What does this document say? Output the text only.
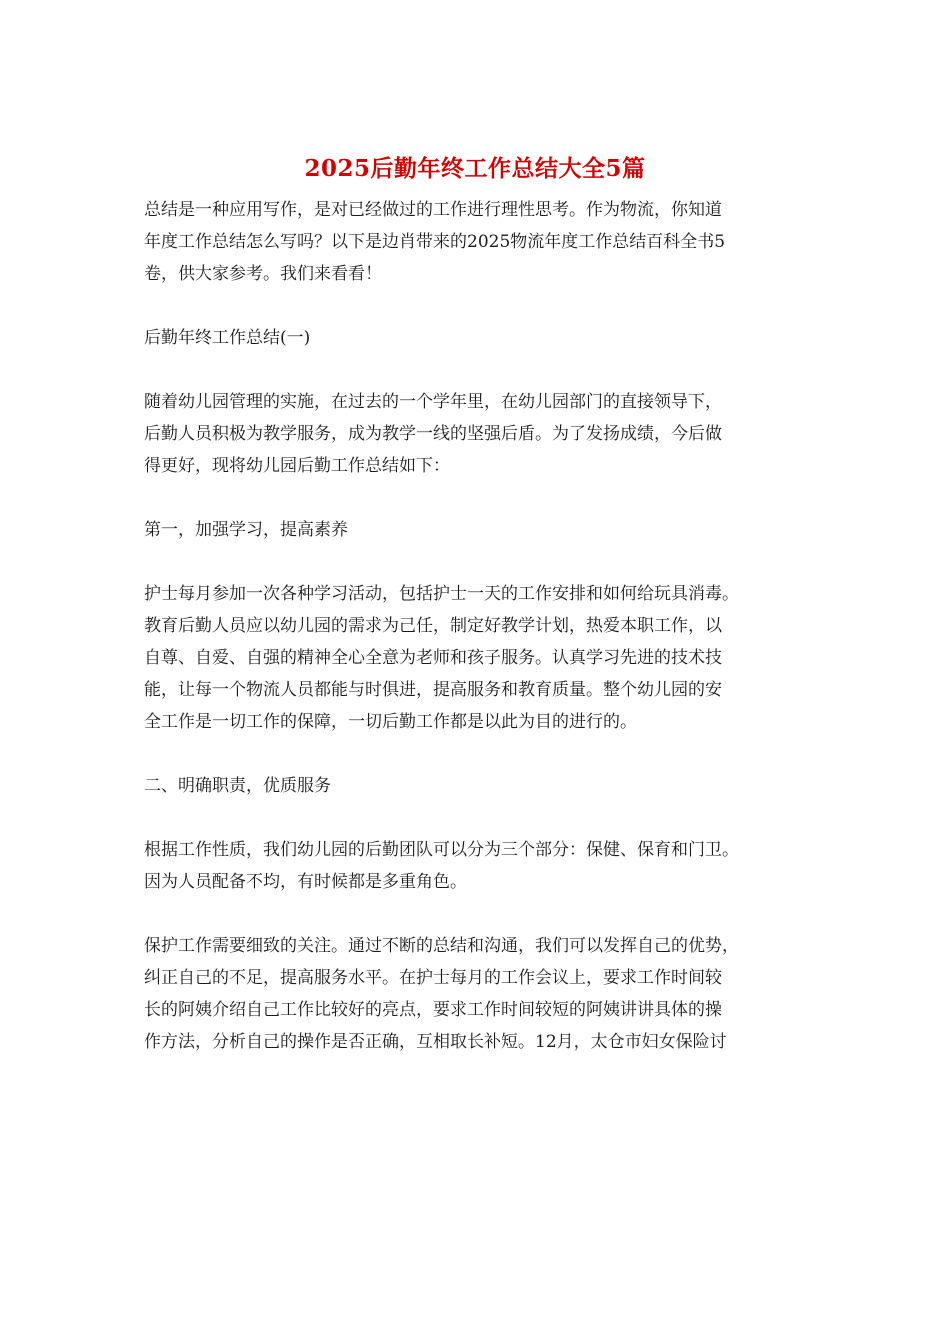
2025后勤年终工作总结大全5篇

总结是一种应用写作，是对已经做过的工作进行理性思考。作为物流，你知道
年度工作总结怎么写吗？以下是边肖带来的2025物流年度工作总结百科全书5
卷，供大家参考。我们来看看！

后勤年终工作总结(一)

随着幼儿园管理的实施，在过去的一个学年里，在幼儿园部门的直接领导下，
后勤人员积极为教学服务，成为教学一线的坚强后盾。为了发扬成绩，今后做
得更好，现将幼儿园后勤工作总结如下：

第一，加强学习，提高素养

护士每月参加一次各种学习活动，包括护士一天的工作安排和如何给玩具消毒。
教育后勤人员应以幼儿园的需求为己任，制定好教学计划，热爱本职工作，以
自尊、自爱、自强的精神全心全意为老师和孩子服务。认真学习先进的技术技
能，让每一个物流人员都能与时俱进，提高服务和教育质量。整个幼儿园的安
全工作是一切工作的保障，一切后勤工作都是以此为目的进行的。

二、明确职责，优质服务

根据工作性质，我们幼儿园的后勤团队可以分为三个部分：保健、保育和门卫。
因为人员配备不均，有时候都是多重角色。

保护工作需要细致的关注。通过不断的总结和沟通，我们可以发挥自己的优势，
纠正自己的不足，提高服务水平。在护士每月的工作会议上，要求工作时间较
长的阿姨介绍自己工作比较好的亮点，要求工作时间较短的阿姨讲讲具体的操
作方法，分析自己的操作是否正确，互相取长补短。12月，太仓市妇女保险讨
